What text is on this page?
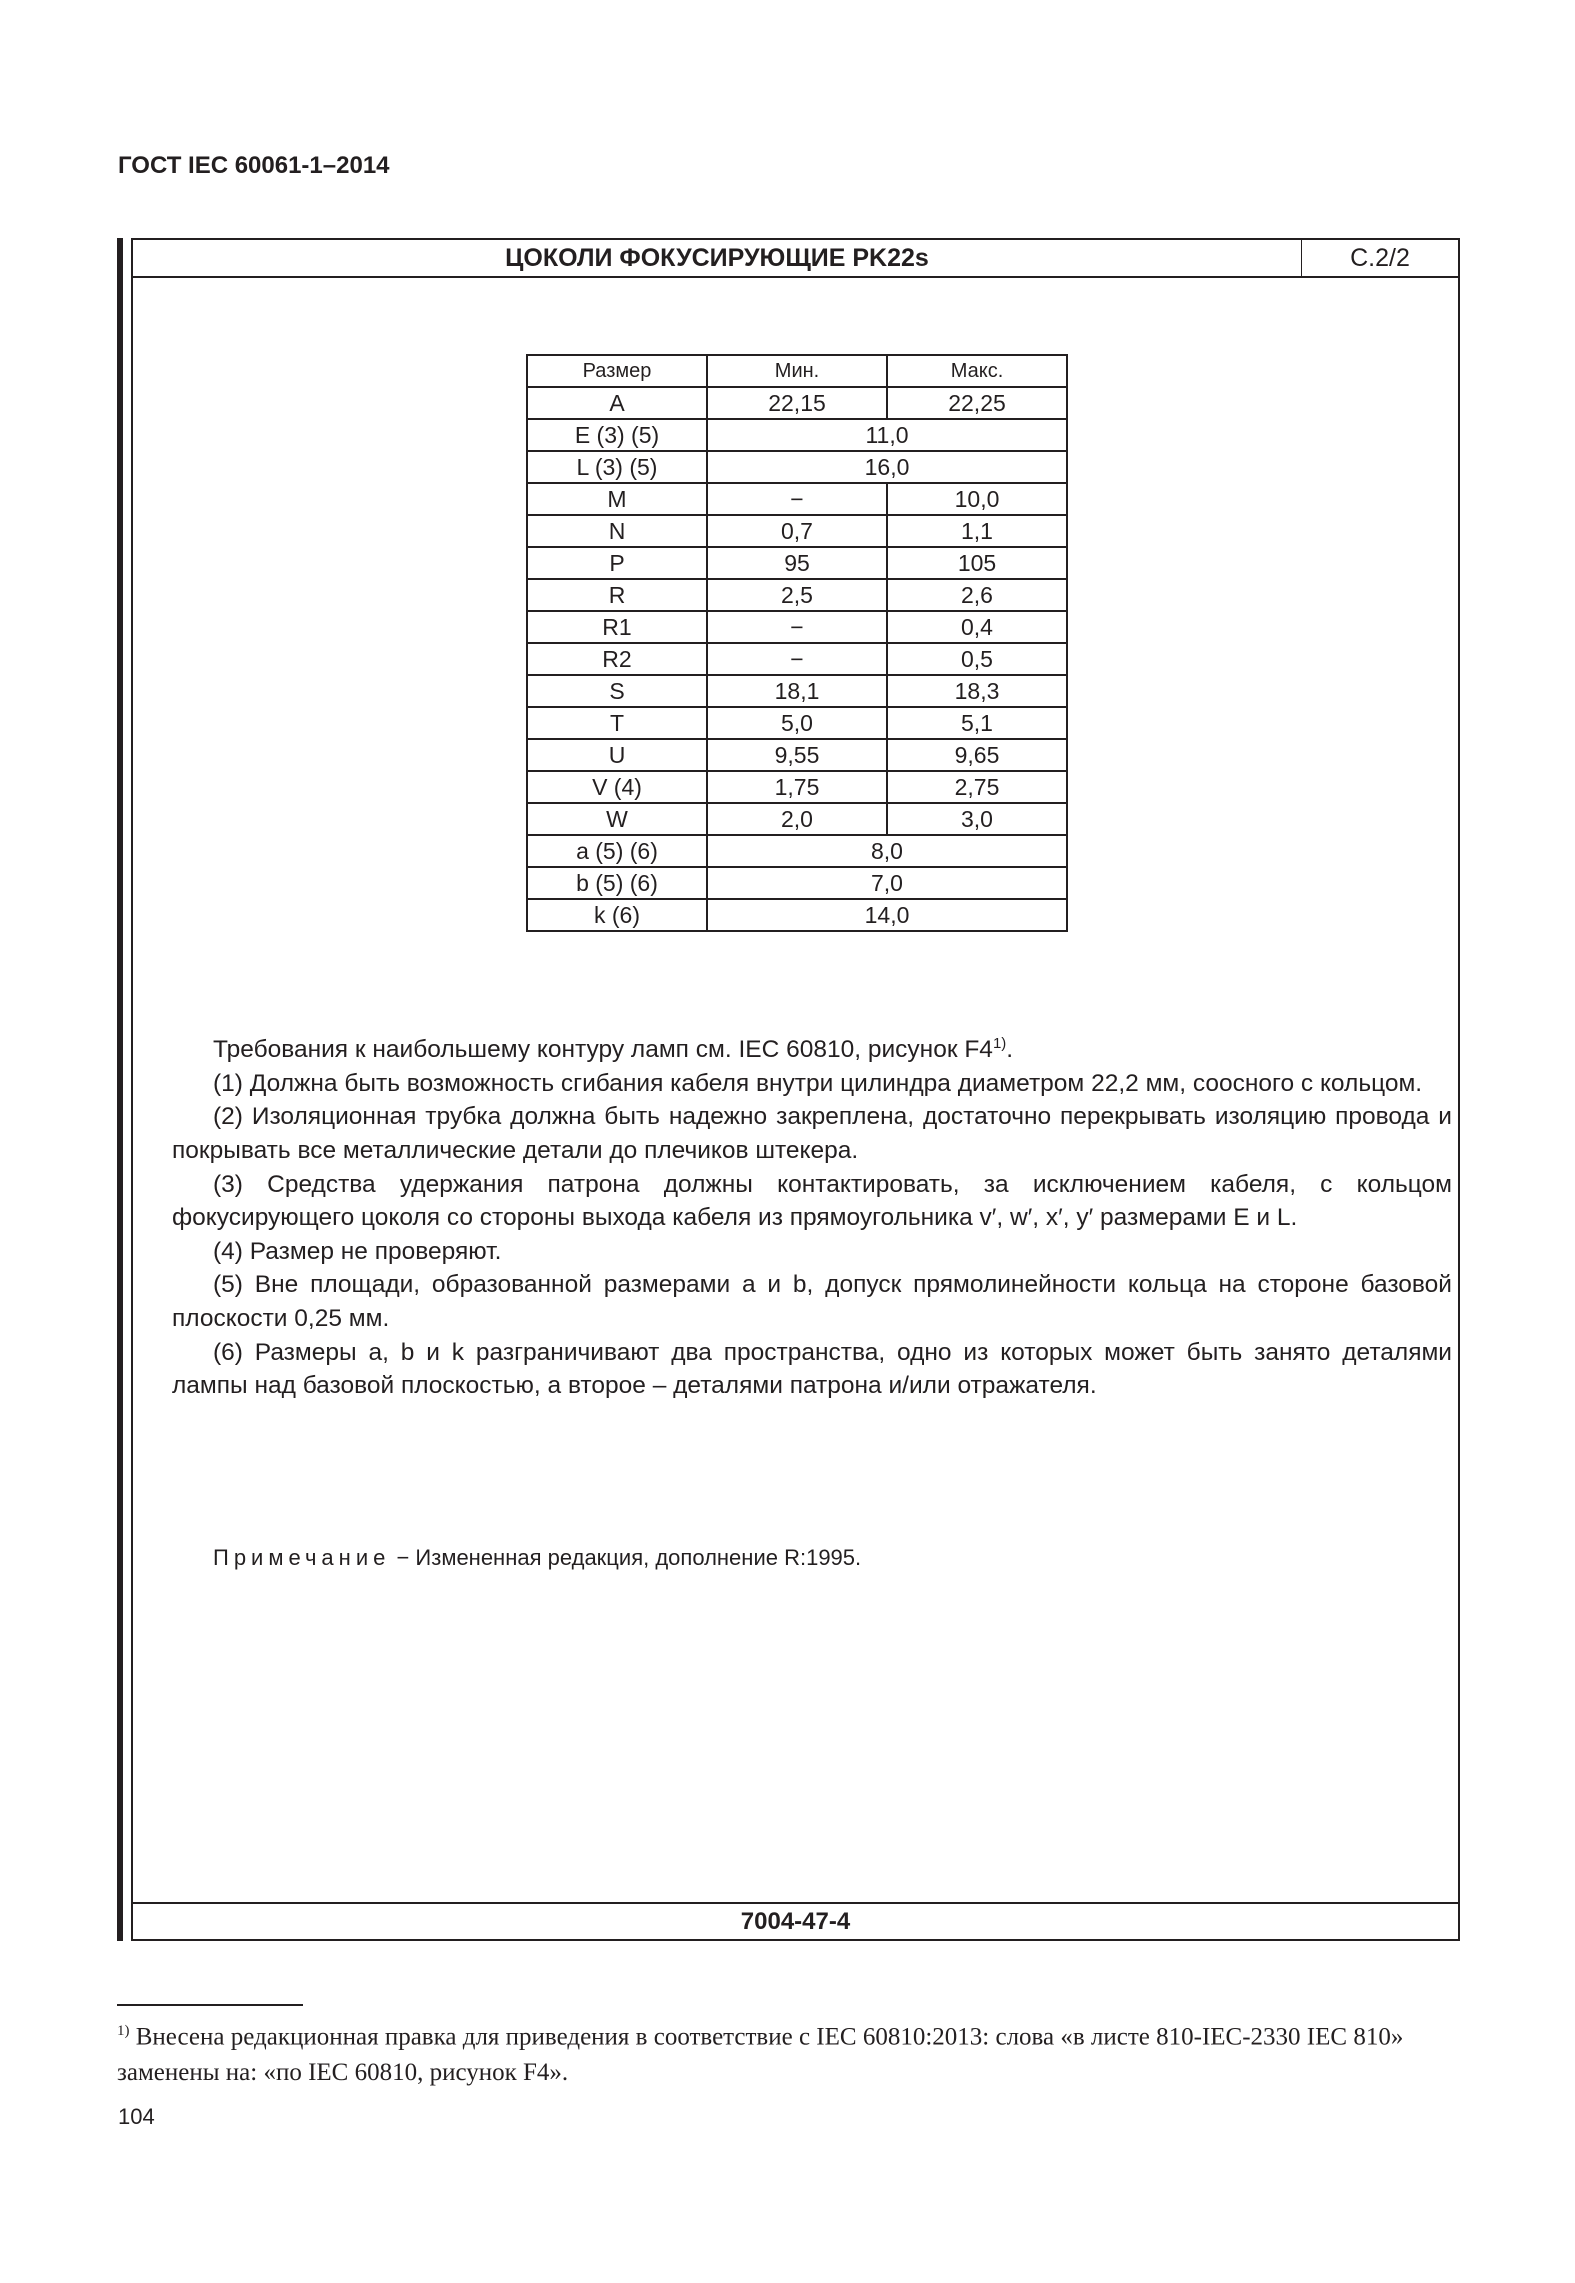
ГОСТ IEC 60061-1–2014
ЦОКОЛИ ФОКУСИРУЮЩИЕ PK22s	С.2/2
7004-47-4
Размер	Мин.	Макс.
A	22,15	22,25
E (3) (5)	11,0	
L (3) (5)	16,0	
M	−	10,0
N	0,7	1,1
P	95	105
R	2,5	2,6
R1	−	0,4
R2	−	0,5
S	18,1	18,3
T	5,0	5,1
U	9,55	9,65
V (4)	1,75	2,75
W	2,0	3,0
a (5) (6)	8,0	
b (5) (6)	7,0	
k (6)	14,0	

Требования к наибольшему контуру ламп см. IEC 60810, рисунок F4$^{1)}$.

(1) Должна быть возможность сгибания кабеля внутри цилиндра диаметром 22,2 мм, соосного с кольцом.

(2) Изоляционная трубка должна быть надежно закреплена, достаточно перекрывать изоляцию провода и покрывать все металлические детали до плечиков штекера.

(3) Средства удержания патрона должны контактировать, за исключением кабеля, с кольцом фокусирующего цоколя со стороны выхода кабеля из прямоугольника v′, w′, x′, y′ размерами E и L.

(4) Размер не проверяют.

(5) Вне площади, образованной размерами a и b, допуск прямолинейности кольца на стороне базовой плоскости 0,25 мм.

(6) Размеры a, b и k разграничивают два пространства, одно из которых может быть занято деталями лампы над базовой плоскостью, а второе – деталями патрона и/или отражателя.

Примечание − Измененная редакция, дополнение R:1995.
$^{1)}$ Внесена редакционная правка для приведения в соответствие с IEC 60810:2013: слова «в листе 810-IEC-2330 IEC 810» заменены на: «по IEC 60810, рисунок F4».
104
